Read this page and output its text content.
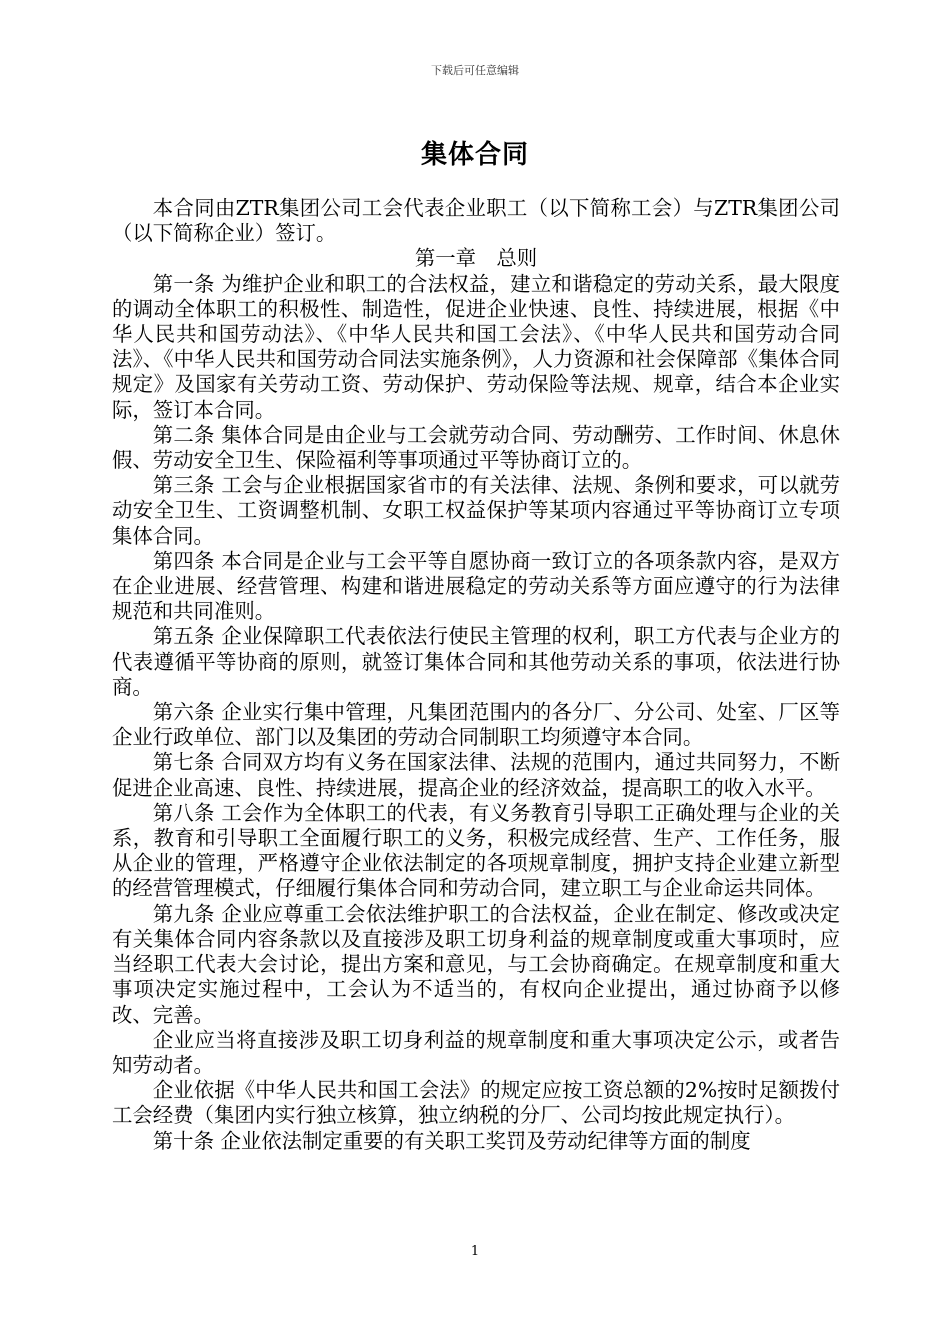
下载后可任意编辑
集体合同

本合同由ZTR集团公司工会代表企业职工（以下简称工会）与ZTR集团公司（以下简称企业）签订。

第一章　总则

第一条 为维护企业和职工的合法权益，建立和谐稳定的劳动关系，最大限度的调动全体职工的积极性、制造性，促进企业快速、良性、持续进展，根据《中华人民共和国劳动法》、《中华人民共和国工会法》、《中华人民共和国劳动合同法》、《中华人民共和国劳动合同法实施条例》，人力资源和社会保障部《集体合同规定》及国家有关劳动工资、劳动保护、劳动保险等法规、规章，结合本企业实际，签订本合同。

第二条 集体合同是由企业与工会就劳动合同、劳动酬劳、工作时间、休息休假、劳动安全卫生、保险福利等事项通过平等协商订立的。

第三条 工会与企业根据国家省市的有关法律、法规、条例和要求，可以就劳动安全卫生、工资调整机制、女职工权益保护等某项内容通过平等协商订立专项集体合同。

第四条 本合同是企业与工会平等自愿协商一致订立的各项条款内容，是双方在企业进展、经营管理、构建和谐进展稳定的劳动关系等方面应遵守的行为法律规范和共同准则。

第五条 企业保障职工代表依法行使民主管理的权利，职工方代表与企业方的代表遵循平等协商的原则，就签订集体合同和其他劳动关系的事项，依法进行协商。

第六条 企业实行集中管理，凡集团范围内的各分厂、分公司、处室、厂区等企业行政单位、部门以及集团的劳动合同制职工均须遵守本合同。

第七条 合同双方均有义务在国家法律、法规的范围内，通过共同努力，不断促进企业高速、良性、持续进展，提高企业的经济效益，提高职工的收入水平。

第八条 工会作为全体职工的代表，有义务教育引导职工正确处理与企业的关系，教育和引导职工全面履行职工的义务，积极完成经营、生产、工作任务，服从企业的管理，严格遵守企业依法制定的各项规章制度，拥护支持企业建立新型的经营管理模式，仔细履行集体合同和劳动合同，建立职工与企业命运共同体。

第九条 企业应尊重工会依法维护职工的合法权益，企业在制定、修改或决定有关集体合同内容条款以及直接涉及职工切身利益的规章制度或重大事项时，应当经职工代表大会讨论，提出方案和意见，与工会协商确定。在规章制度和重大事项决定实施过程中，工会认为不适当的，有权向企业提出，通过协商予以修改、完善。

企业应当将直接涉及职工切身利益的规章制度和重大事项决定公示，或者告知劳动者。

企业依据《中华人民共和国工会法》的规定应按工资总额的2%按时足额拨付工会经费（集团内实行独立核算，独立纳税的分厂、公司均按此规定执行）。

第十条 企业依法制定重要的有关职工奖罚及劳动纪律等方面的制度

1
